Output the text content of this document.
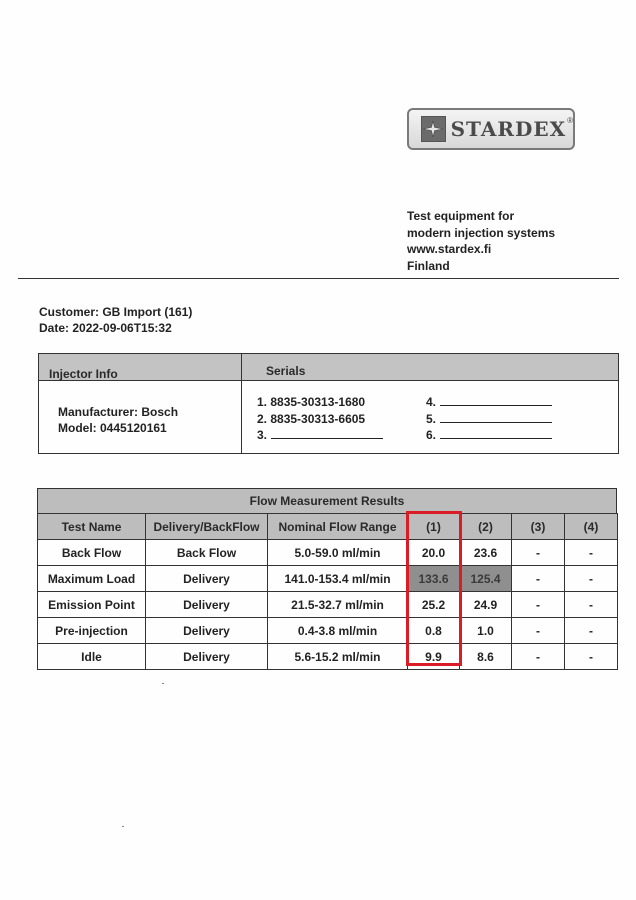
STARDEX ®
Test equipment for
modern injection systems
www.stardex.fi
Finland
Customer: GB Import (161)
Date: 2022-09-06T15:32
Injector Info	Serials
Manufacturer: Bosch
Model: 0445120161
1. 8835-30313-1680
2. 8835-30313-6605
3.
4.
5.
6.
Flow Measurement Results
Test Name	Delivery/BackFlow	Nominal Flow Range	(1)	(2)	(3)	(4)
Back Flow	Back Flow	5.0-59.0 ml/min	20.0	23.6	-	-
Maximum Load	Delivery	141.0-153.4 ml/min	133.6	125.4	-	-
Emission Point	Delivery	21.5-32.7 ml/min	25.2	24.9	-	-
Pre-injection	Delivery	0.4-3.8 ml/min	0.8	1.0	-	-
Idle	Delivery	5.6-15.2 ml/min	9.9	8.6	-	-
